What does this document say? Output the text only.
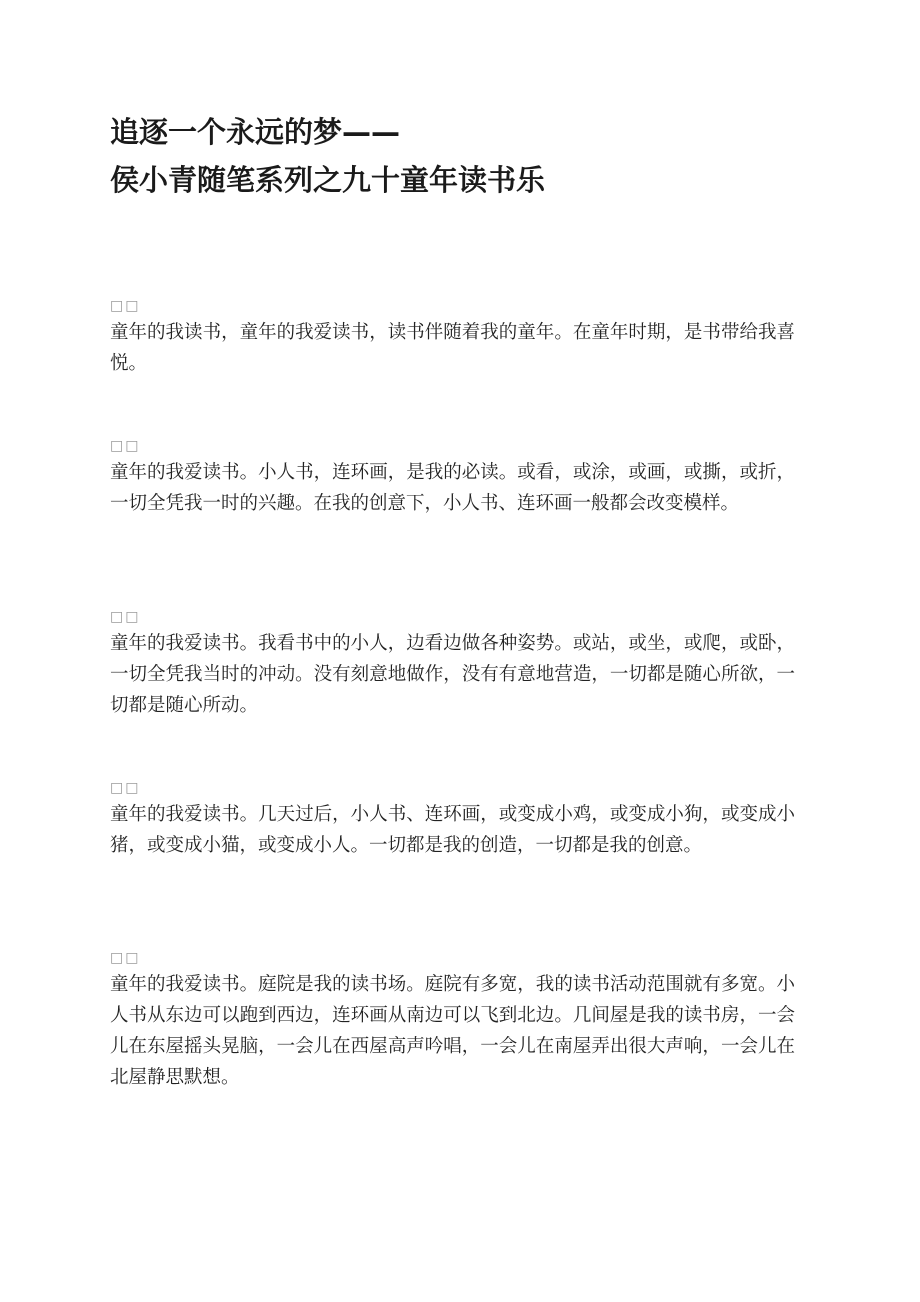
追逐一个永远的梦——
侯小青随笔系列之九十童年读书乐
□□

童年的我读书，童年的我爱读书，读书伴随着我的童年。在童年时期，是书带给我喜悦。

□□

童年的我爱读书。小人书，连环画，是我的必读。或看，或涂，或画，或撕，或折，一切全凭我一时的兴趣。在我的创意下，小人书、连环画一般都会改变模样。

□□

童年的我爱读书。我看书中的小人，边看边做各种姿势。或站，或坐，或爬，或卧，一切全凭我当时的冲动。没有刻意地做作，没有有意地营造，一切都是随心所欲，一切都是随心所动。

□□

童年的我爱读书。几天过后，小人书、连环画，或变成小鸡，或变成小狗，或变成小猪，或变成小猫，或变成小人。一切都是我的创造，一切都是我的创意。

□□

童年的我爱读书。庭院是我的读书场。庭院有多宽，我的读书活动范围就有多宽。小人书从东边可以跑到西边，连环画从南边可以飞到北边。几间屋是我的读书房，一会儿在东屋摇头晃脑，一会儿在西屋高声吟唱，一会儿在南屋弄出很大声响，一会儿在北屋静思默想。
